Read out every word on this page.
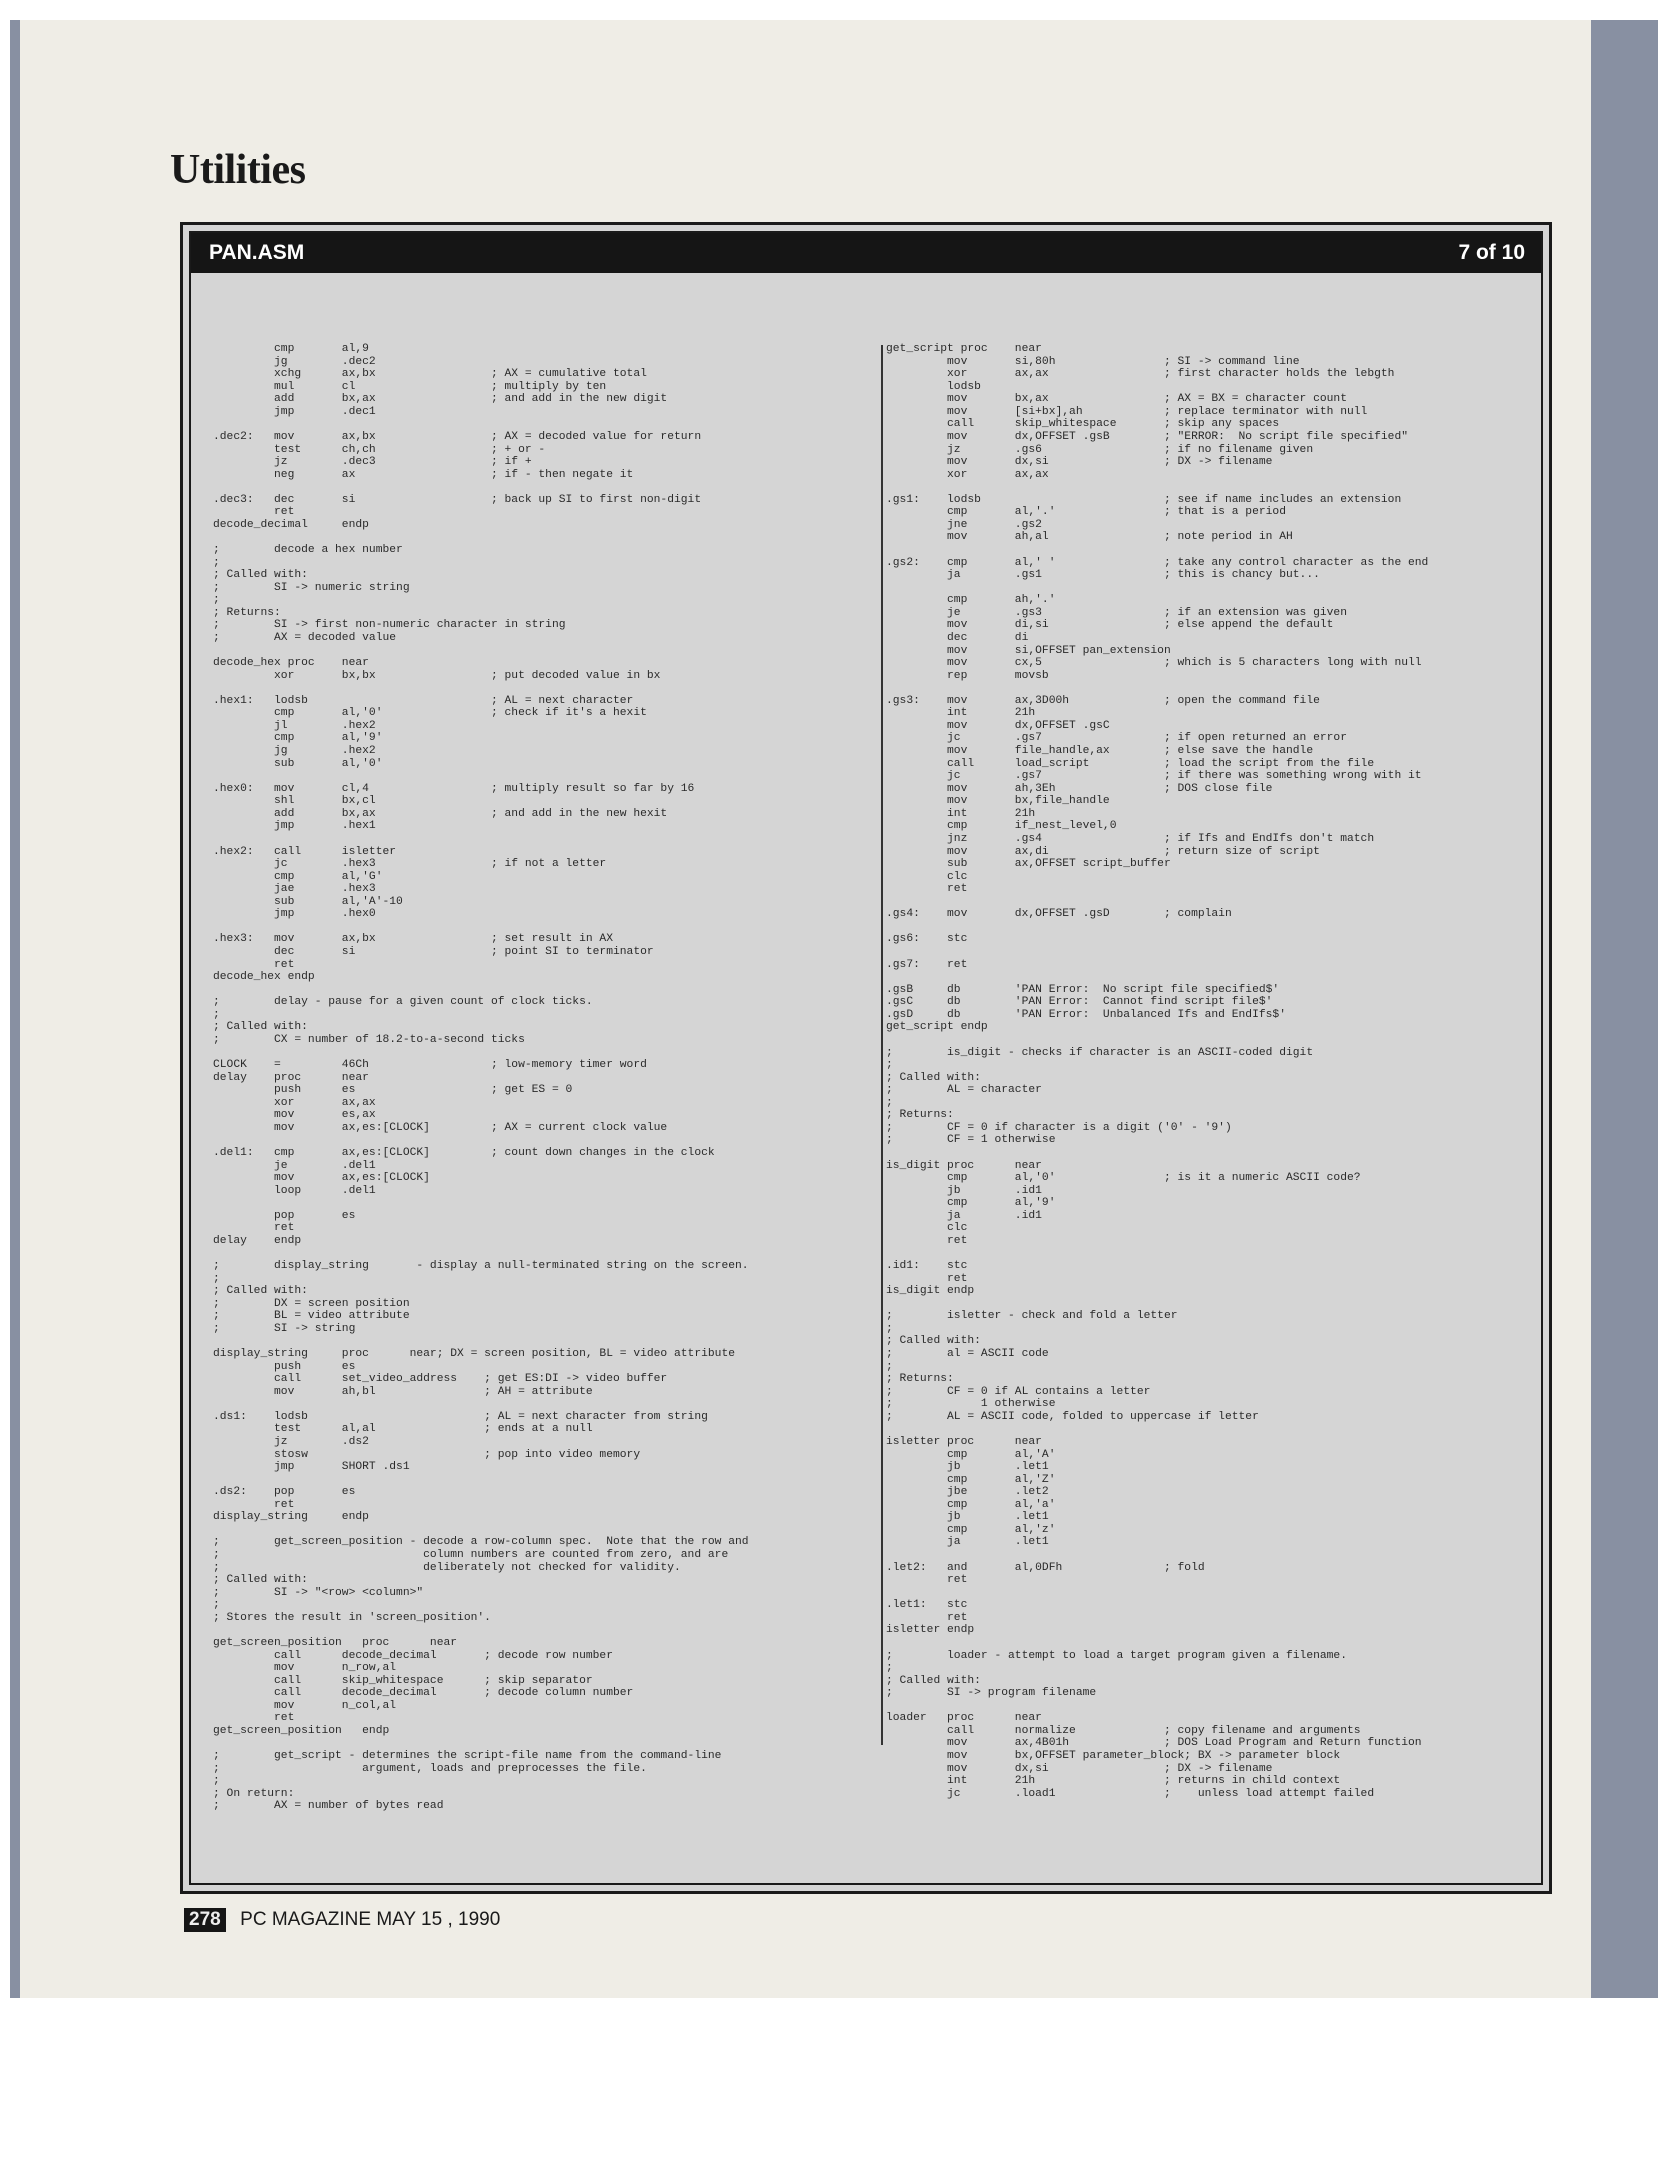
Utilities
PAN.ASM	7 of 10
cmp       al,9
jg        .dec2
xchg      ax,bx                 ; AX = cumulative total
mul       cl                    ; multiply by ten
add       bx,ax                 ; and add in the new digit
jmp       .dec1

.dec2:   mov       ax,bx                 ; AX = decoded value for return
test      ch,ch                 ; + or -
jz        .dec3                 ; if +
neg       ax                    ; if - then negate it

.dec3:   dec       si                    ; back up SI to first non-digit
ret
decode_decimal     endp

;        decode a hex number
;
; Called with:
;        SI -> numeric string
;
; Returns:
;        SI -> first non-numeric character in string
;        AX = decoded value

decode_hex proc    near
xor       bx,bx                 ; put decoded value in bx

.hex1:   lodsb                           ; AL = next character
cmp       al,'0'                ; check if it's a hexit
jl        .hex2
cmp       al,'9'
jg        .hex2
sub       al,'0'

.hex0:   mov       cl,4                  ; multiply result so far by 16
shl       bx,cl
add       bx,ax                 ; and add in the new hexit
jmp       .hex1

.hex2:   call      isletter
jc        .hex3                 ; if not a letter
cmp       al,'G'
jae       .hex3
sub       al,'A'-10
jmp       .hex0

.hex3:   mov       ax,bx                 ; set result in AX
dec       si                    ; point SI to terminator
ret
decode_hex endp

;        delay - pause for a given count of clock ticks.
;
; Called with:
;        CX = number of 18.2-to-a-second ticks

CLOCK    =         46Ch                  ; low-memory timer word
delay    proc      near
push      es                    ; get ES = 0
xor       ax,ax
mov       es,ax
mov       ax,es:[CLOCK]         ; AX = current clock value

.del1:   cmp       ax,es:[CLOCK]         ; count down changes in the clock
je        .del1
mov       ax,es:[CLOCK]
loop      .del1

pop       es
ret
delay    endp

;        display_string       - display a null-terminated string on the screen.
;
; Called with:
;        DX = screen position
;        BL = video attribute
;        SI -> string

display_string     proc      near; DX = screen position, BL = video attribute
push      es
call      set_video_address    ; get ES:DI -> video buffer
mov       ah,bl                ; AH = attribute

.ds1:    lodsb                          ; AL = next character from string
test      al,al                ; ends at a null
jz        .ds2
stosw                          ; pop into video memory
jmp       SHORT .ds1

.ds2:    pop       es
ret
display_string     endp

;        get_screen_position - decode a row-column spec.  Note that the row and
;                              column numbers are counted from zero, and are
;                              deliberately not checked for validity.
; Called with:
;        SI -> "<row> <column>"
;
; Stores the result in 'screen_position'.

get_screen_position   proc      near
call      decode_decimal       ; decode row number
mov       n_row,al
call      skip_whitespace      ; skip separator
call      decode_decimal       ; decode column number
mov       n_col,al
ret
get_screen_position   endp

;        get_script - determines the script-file name from the command-line
;                     argument, loads and preprocesses the file.
;
; On return:
;        AX = number of bytes read
get_script proc    near
mov       si,80h                ; SI -> command line
xor       ax,ax                 ; first character holds the lebgth
lodsb
mov       bx,ax                 ; AX = BX = character count
mov       [si+bx],ah            ; replace terminator with null
call      skip_whitespace       ; skip any spaces
mov       dx,OFFSET .gsB        ; "ERROR:  No script file specified"
jz        .gs6                  ; if no filename given
mov       dx,si                 ; DX -> filename
xor       ax,ax

.gs1:    lodsb                           ; see if name includes an extension
cmp       al,'.'                ; that is a period
jne       .gs2
mov       ah,al                 ; note period in AH

.gs2:    cmp       al,' '                ; take any control character as the end
ja        .gs1                  ; this is chancy but...

cmp       ah,'.'
je        .gs3                  ; if an extension was given
mov       di,si                 ; else append the default
dec       di
mov       si,OFFSET pan_extension
mov       cx,5                  ; which is 5 characters long with null
rep       movsb

.gs3:    mov       ax,3D00h              ; open the command file
int       21h
mov       dx,OFFSET .gsC
jc        .gs7                  ; if open returned an error
mov       file_handle,ax        ; else save the handle
call      load_script           ; load the script from the file
jc        .gs7                  ; if there was something wrong with it
mov       ah,3Eh                ; DOS close file
mov       bx,file_handle
int       21h
cmp       if_nest_level,0
jnz       .gs4                  ; if Ifs and EndIfs don't match
mov       ax,di                 ; return size of script
sub       ax,OFFSET script_buffer
clc
ret

.gs4:    mov       dx,OFFSET .gsD        ; complain

.gs6:    stc

.gs7:    ret

.gsB     db        'PAN Error:  No script file specified$'
.gsC     db        'PAN Error:  Cannot find script file$'
.gsD     db        'PAN Error:  Unbalanced Ifs and EndIfs$'
get_script endp

;        is_digit - checks if character is an ASCII-coded digit
;
; Called with:
;        AL = character
;
; Returns:
;        CF = 0 if character is a digit ('0' - '9')
;        CF = 1 otherwise

is_digit proc      near
cmp       al,'0'                ; is it a numeric ASCII code?
jb        .id1
cmp       al,'9'
ja        .id1
clc
ret

.id1:    stc
ret
is_digit endp

;        isletter - check and fold a letter
;
; Called with:
;        al = ASCII code
;
; Returns:
;        CF = 0 if AL contains a letter
;             1 otherwise
;        AL = ASCII code, folded to uppercase if letter

isletter proc      near
cmp       al,'A'
jb        .let1
cmp       al,'Z'
jbe       .let2
cmp       al,'a'
jb        .let1
cmp       al,'z'
ja        .let1

.let2:   and       al,0DFh               ; fold
ret

.let1:   stc
ret
isletter endp

;        loader - attempt to load a target program given a filename.
;
; Called with:
;        SI -> program filename

loader   proc      near
call      normalize             ; copy filename and arguments
mov       ax,4B01h              ; DOS Load Program and Return function
mov       bx,OFFSET parameter_block; BX -> parameter block
mov       dx,si                 ; DX -> filename
int       21h                   ; returns in child context
jc        .load1                ;    unless load attempt failed
278 PC MAGAZINE MAY 15 , 1990
